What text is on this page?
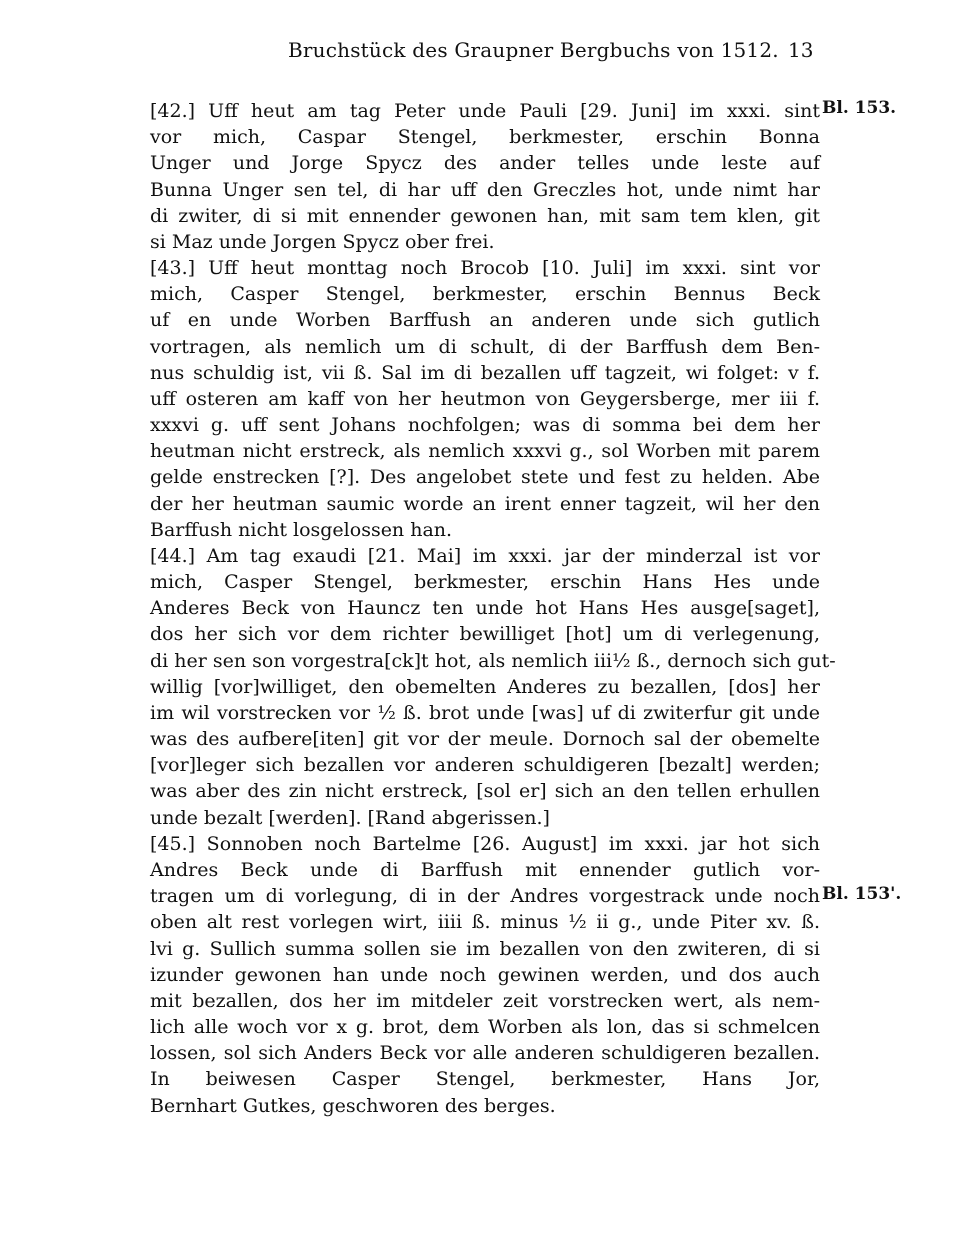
Bruchstück des Graupner Bergbuchs von 1512. 13
Bl. 153.
Bl. 153'.
[42.] Uff heut am tag Peter unde Pauli [29. Juni] im xxxi. sint
vor mich, Caspar Stengel, berkmester, erschin Bonna
Unger und Jorge Spycz des ander telles unde leste auf
Bunna Unger sen tel, di har uff den Greczles hot, unde nimt har
di zwiter, di si mit ennender gewonen han, mit sam tem klen, git
si Maz unde Jorgen Spycz ober frei.
[43.] Uff heut monttag noch Brocob [10. Juli] im xxxi. sint vor
mich, Casper Stengel, berkmester, erschin Bennus Beck
uf en unde Worben Barffush an anderen unde sich gutlich
vortragen, als nemlich um di schult, di der Barffush dem Ben-
nus schuldig ist, vii ß. Sal im di bezallen uff tagzeit, wi folget: v f.
uff osteren am kaff von her heutmon von Geygersberge, mer iii f.
xxxvi g. uff sent Johans nochfolgen; was di somma bei dem her
heutman nicht erstreck, als nemlich xxxvi g., sol Worben mit parem
gelde enstrecken [?]. Des angelobet stete und fest zu helden. Abe
der her heutman saumic worde an irent enner tagzeit, wil her den
Barffush nicht losgelossen han.
[44.] Am tag exaudi [21. Mai] im xxxi. jar der minderzal ist vor
mich, Casper Stengel, berkmester, erschin Hans Hes unde
Anderes Beck von Hauncz ten unde hot Hans Hes ausge[saget],
dos her sich vor dem richter bewilliget [hot] um di verlegenung,
di her sen son vorgestra[ck]t hot, als nemlich iii½ ß., dernoch sich gut-
willig [vor]williget, den obemelten Anderes zu bezallen, [dos] her
im wil vorstrecken vor ½ ß. brot unde [was] uf di zwiterfur git unde
was des aufbere[iten] git vor der meule. Dornoch sal der obemelte
[vor]leger sich bezallen vor anderen schuldigeren [bezalt] werden;
was aber des zin nicht erstreck, [sol er] sich an den tellen erhullen
unde bezalt [werden]. [Rand abgerissen.]
[45.] Sonnoben noch Bartelme [26. August] im xxxi. jar hot sich
Andres Beck unde di Barffush mit ennender gutlich vor-
tragen um di vorlegung, di in der Andres vorgestrack unde noch
oben alt rest vorlegen wirt, iiii ß. minus ½ ii g., unde Piter xv. ß.
lvi g. Sullich summa sollen sie im bezallen von den zwiteren, di si
izunder gewonen han unde noch gewinen werden, und dos auch
mit bezallen, dos her im mitdeler zeit vorstrecken wert, als nem-
lich alle woch vor x g. brot, dem Worben als lon, das si schmelcen
lossen, sol sich Anders Beck vor alle anderen schuldigeren bezallen.
In beiwesen Casper Stengel, berkmester, Hans Jor,
Bernhart Gutkes, geschworen des berges.
